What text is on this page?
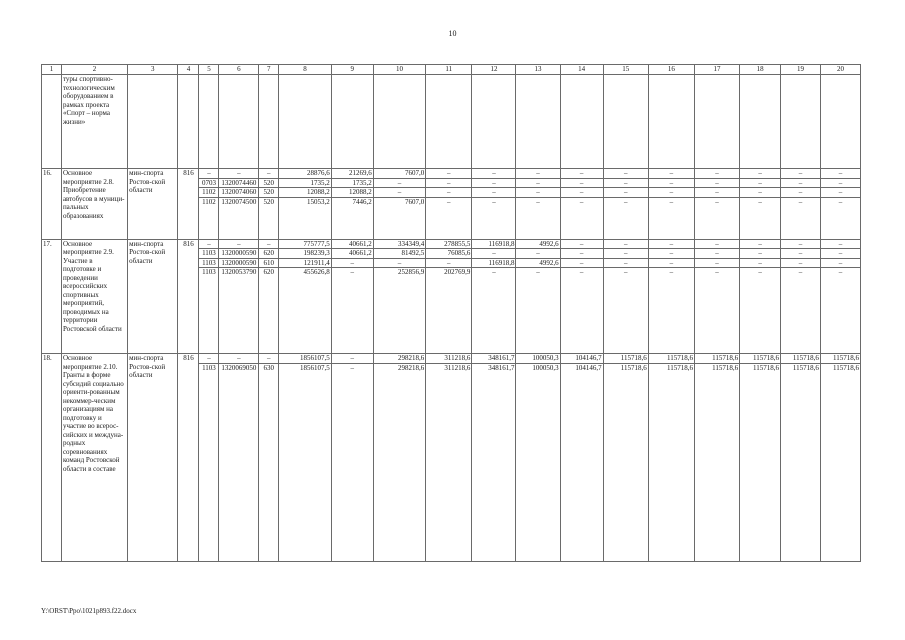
10
1	2	3	4	5	6	7	8	9	10	11	12	13	14	15	16	17	18	19	20
	туры спортивно-технологическим оборудованием в рамках проекта «Спорт – норма жизни»																		
16.	Основное мероприятие 2.8. Приобретение автобусов в муници-пальных образованиях	мин-спорта Ростов-ской области	816	–	–	–	28876,6	21269,6	7607,0	–	–	–	–	–	–	–	–	–	–
				0703	1320074460	520	1735,2	1735,2	–	–	–	–	–	–	–	–	–	–	–
				1102	1320074060	520	12088,2	12088,2	–	–	–	–	–	–	–	–	–	–	–
				1102	1320074500	520	15053,2	7446,2	7607,0	–	–	–	–	–	–	–	–	–	–
17.	Основное мероприятие 2.9. Участие в подготовке и проведении всероссийских спортивных мероприятий, проводимых на территории Ростовской области	мин-спорта Ростов-ской области	816	–	–	–	775777,5	40661,2	334349,4	278855,5	116918,8	4992,6	–	–	–	–	–	–	–
				1103	1320000590	620	198239,3	40661,2	81492,5	76085,6	–	–	–	–	–	–	–	–	–
				1103	1320000590	610	121911,4	–	–	–	116918,8	4992,6	–	–	–	–	–	–	–
				1103	1320053790	620	455626,8	–	252856,9	202769,9	–	–	–	–	–	–	–	–	–
18.	Основное мероприятие 2.10. Гранты в форме субсидий социально ориенти-рованным некоммер-ческим организациям на подготовку и участие во всерос-сийских и междуна-родных соревнованиях команд Ростовской области в составе	мин-спорта Ростов-ской области	816	–	–	–	1856107,5	–	298218,6	311218,6	348161,7	100050,3	104146,7	115718,6	115718,6	115718,6	115718,6	115718,6	115718,6
				1103	1320069050	630	1856107,5	–	298218,6	311218,6	348161,7	100050,3	104146,7	115718,6	115718,6	115718,6	115718,6	115718,6	115718,6
Y:\ORST\Ppo\1021p893.f22.docx
